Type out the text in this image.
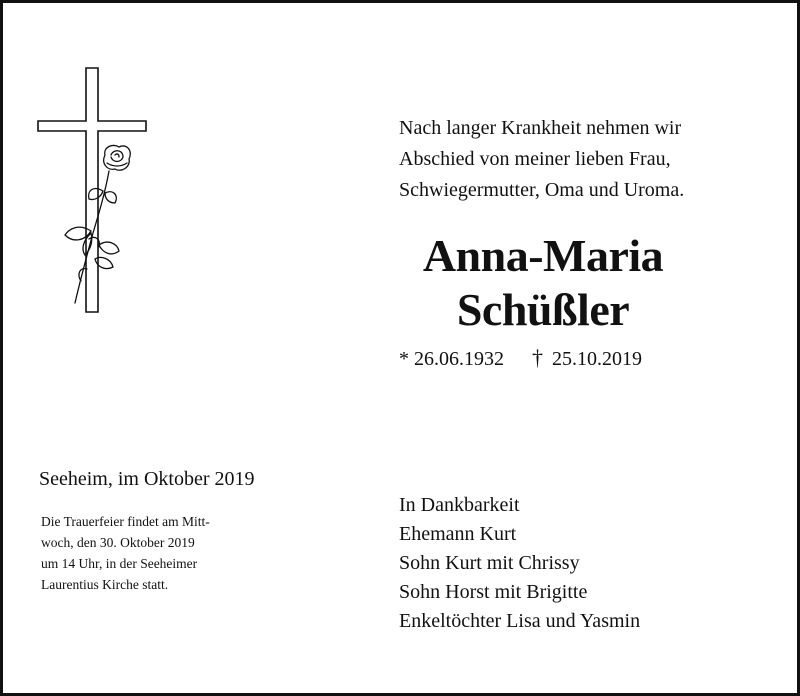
Nach langer Krankheit nehmen wir
Abschied von meiner lieben Frau,
Schwiegermutter, Oma und Uroma.
Anna-Maria
Schüßler
* 26.06.1932 † 25.10.2019
Seeheim, im Oktober 2019
Die Trauerfeier findet am Mitt-
woch, den 30. Oktober 2019
um 14 Uhr, in der Seeheimer
Laurentius Kirche statt.
In Dankbarkeit
Ehemann Kurt
Sohn Kurt mit Chrissy
Sohn Horst mit Brigitte
Enkeltöchter Lisa und Yasmin
